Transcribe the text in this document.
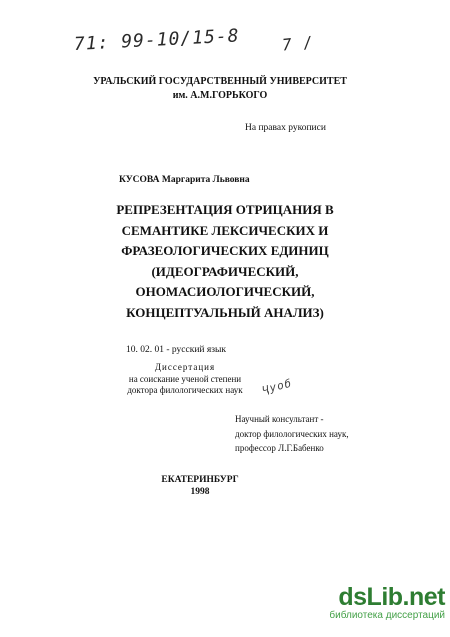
71: 99-10/15-8	7 /
УРАЛЬСКИЙ ГОСУДАРСТВЕННЫЙ УНИВЕРСИТЕТ
им. А.М.ГОРЬКОГО
На правах рукописи
КУСОВА Маргарита Львовна
РЕПРЕЗЕНТАЦИЯ ОТРИЦАНИЯ В
СЕМАНТИКЕ ЛЕКСИЧЕСКИХ И
ФРАЗЕОЛОГИЧЕСКИХ ЕДИНИЦ
(ИДЕОГРАФИЧЕСКИЙ,
ОНОМАСИОЛОГИЧЕСКИЙ,
КОНЦЕПТУАЛЬНЫЙ АНАЛИЗ)
10. 02. 01 - русский язык
Диссертация
на соискание ученой степени
доктора филологических наук	Ҷуоб
Научный консультант -
доктор филологических наук,
профессор Л.Г.Бабенко
ЕКАТЕРИНБУРГ
1998
dsLib.net
библиотека диссертаций
